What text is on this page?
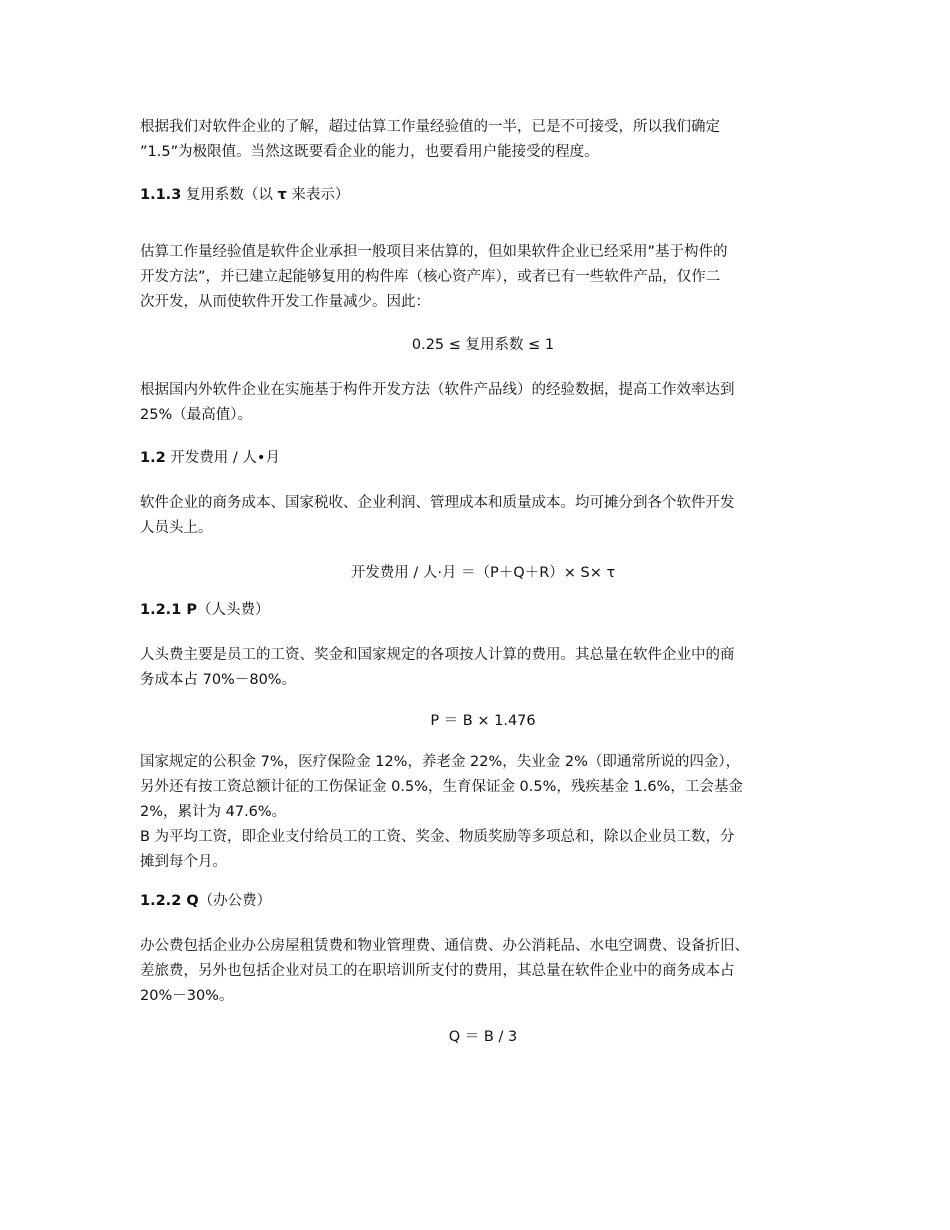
根据我们对软件企业的了解，超过估算工作量经验值的一半，已是不可接受，所以我们确定
”1.5”为极限值。当然这既要看企业的能力，也要看用户能接受的程度。

1.1.3 复用系数（以 τ 来表示）

估算工作量经验值是软件企业承担一般项目来估算的，但如果软件企业已经采用”基于构件的
开发方法”，并已建立起能够复用的构件库（核心资产库），或者已有一些软件产品，仅作二
次开发，从而使软件开发工作量减少。因此：

0.25 ≤ 复用系数 ≤ 1

根据国内外软件企业在实施基于构件开发方法（软件产品线）的经验数据，提高工作效率达到
25%（最高值）。

1.2 开发费用 / 人•月

软件企业的商务成本、国家税收、企业利润、管理成本和质量成本。均可摊分到各个软件开发
人员头上。

开发费用 / 人·月 ＝（P＋Q＋R）× S× τ

1.2.1 P（人头费）

人头费主要是员工的工资、奖金和国家规定的各项按人计算的费用。其总量在软件企业中的商
务成本占 70%－80%。

P ＝ B × 1.476

国家规定的公积金 7%，医疗保险金 12%，养老金 22%，失业金 2%（即通常所说的四金），
另外还有按工资总额计征的工伤保证金 0.5%，生育保证金 0.5%，残疾基金 1.6%，工会基金
2%，累计为 47.6%。

B 为平均工资，即企业支付给员工的工资、奖金、物质奖励等多项总和，除以企业员工数，分
摊到每个月。

1.2.2 Q（办公费）

办公费包括企业办公房屋租赁费和物业管理费、通信费、办公消耗品、水电空调费、设备折旧、
差旅费，另外也包括企业对员工的在职培训所支付的费用，其总量在软件企业中的商务成本占
20%－30%。

Q ＝ B / 3
